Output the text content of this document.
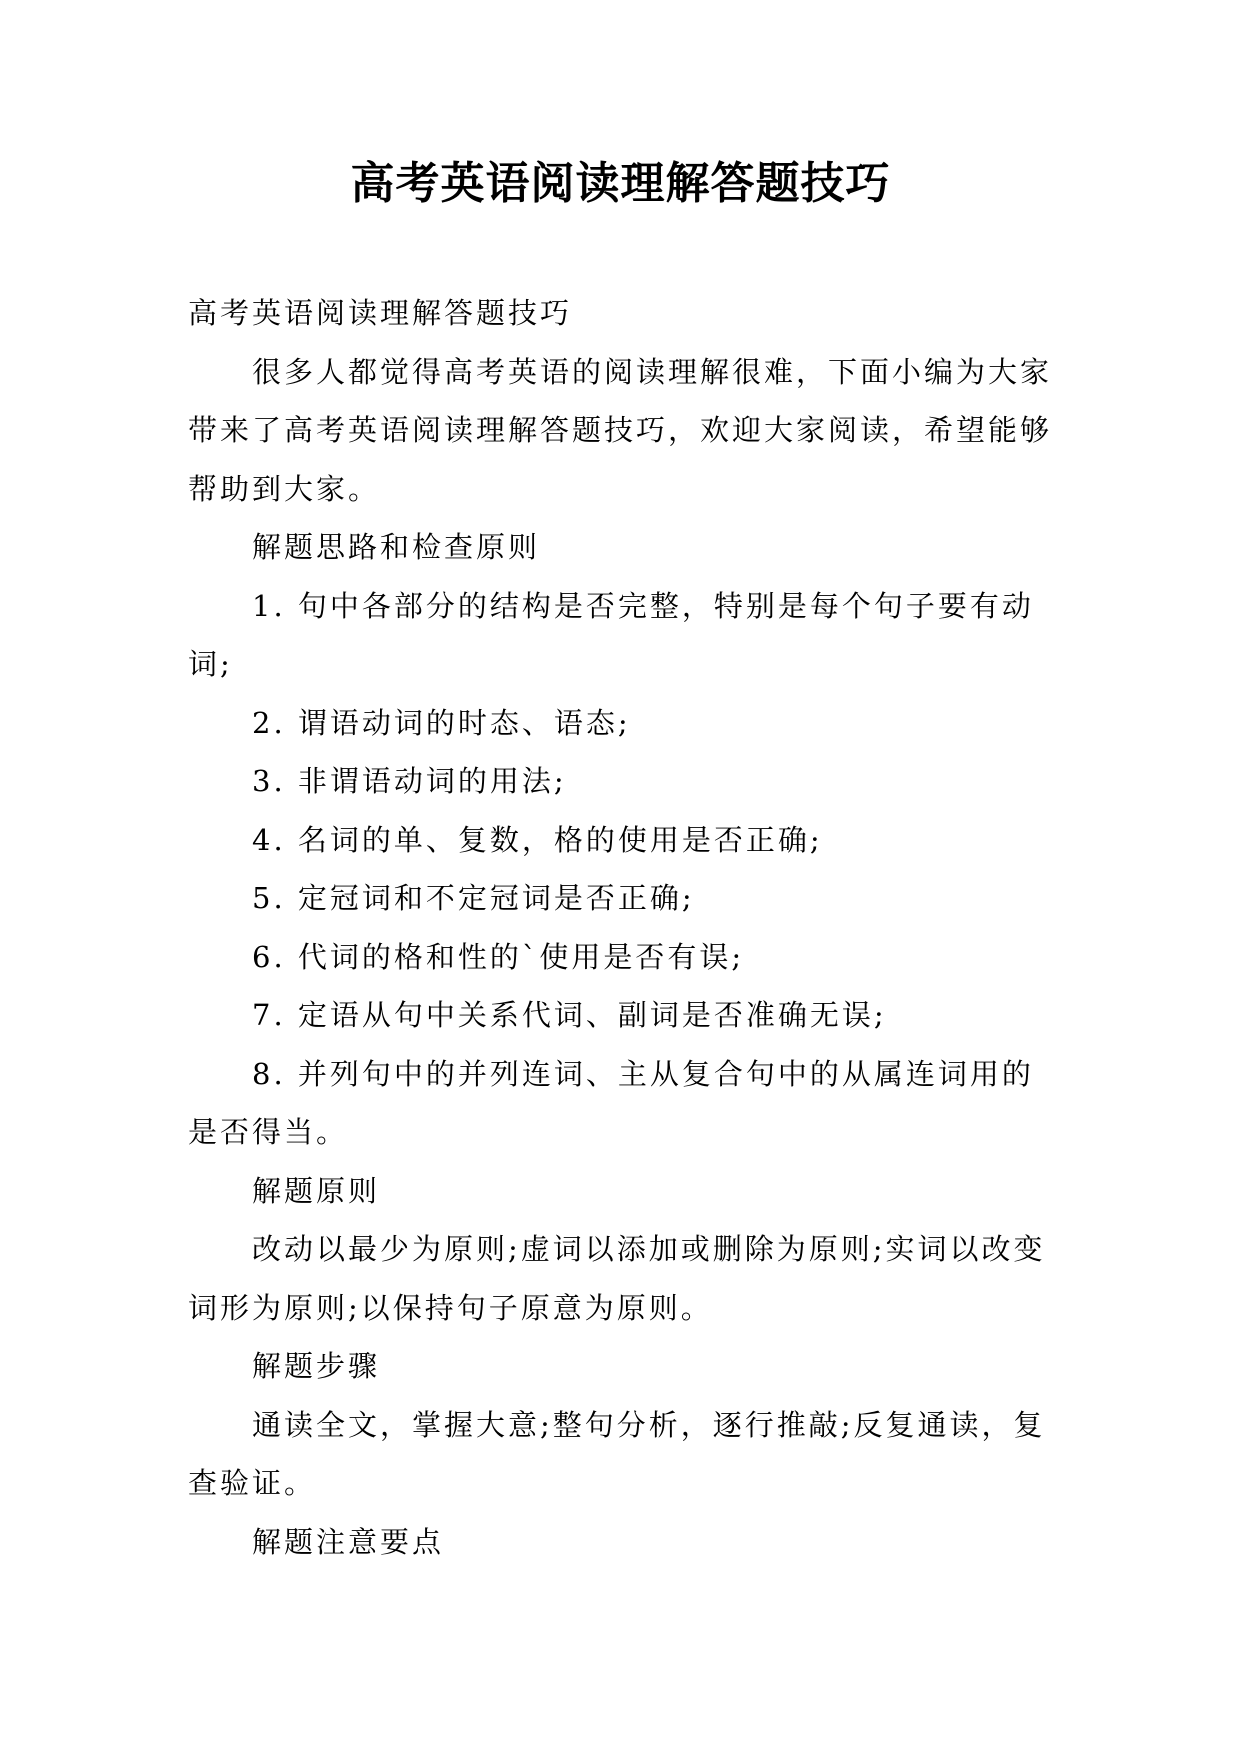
高考英语阅读理解答题技巧

高考英语阅读理解答题技巧

很多人都觉得高考英语的阅读理解很难，下面小编为大家带来了高考英语阅读理解答题技巧，欢迎大家阅读，希望能够帮助到大家。

解题思路和检查原则

1. 句中各部分的结构是否完整，特别是每个句子要有动词;

2. 谓语动词的时态、语态;

3. 非谓语动词的用法;

4. 名词的单、复数，格的使用是否正确;

5. 定冠词和不定冠词是否正确;

6. 代词的格和性的`使用是否有误;

7. 定语从句中关系代词、副词是否准确无误;

8. 并列句中的并列连词、主从复合句中的从属连词用的是否得当。

解题原则

改动以最少为原则;虚词以添加或删除为原则;实词以改变词形为原则;以保持句子原意为原则。

解题步骤

通读全文，掌握大意;整句分析，逐行推敲;反复通读，复查验证。

解题注意要点
